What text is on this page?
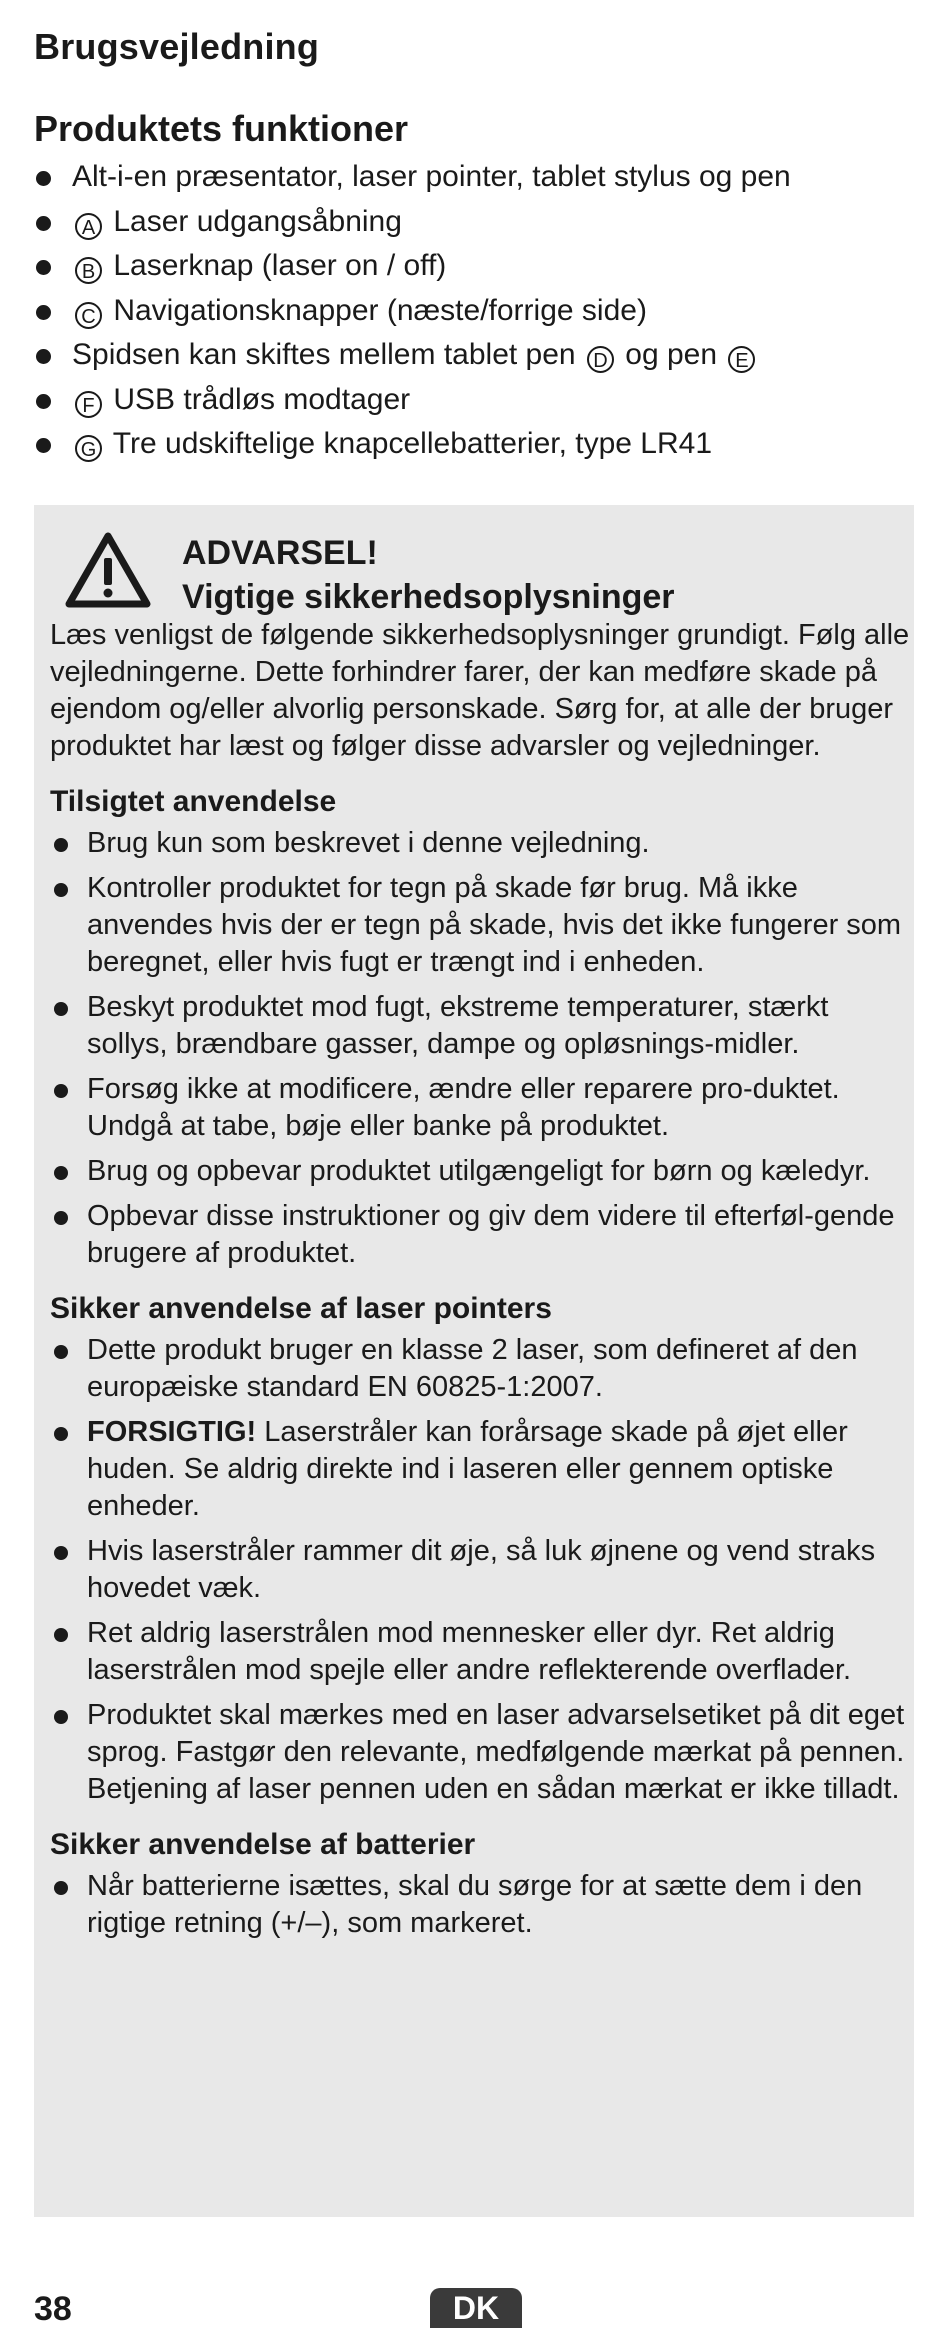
Brugsvejledning
Produktets funktioner
Alt-i-en præsentator, laser pointer, tablet stylus og pen
A Laser udgangsåbning
B Laserknap (laser on / off)
C Navigationsknapper (næste/forrige side)
Spidsen kan skiftes mellem tablet pen D og pen E
F USB trådløs modtager
G Tre udskiftelige knapcellebatterier, type LR41
ADVARSEL!
Vigtige sikkerhedsoplysninger

Læs venligst de følgende sikkerhedsoplysninger grundigt. Følg alle vejledningerne. Dette forhindrer farer, der kan medføre skade på ejendom og/eller alvorlig personskade. Sørg for, at alle der bruger produktet har læst og følger disse advarsler og vejledninger.

Tilsigtet anvendelse
Brug kun som beskrevet i denne vejledning.
Kontroller produktet for tegn på skade før brug. Må ikke anvendes hvis der er tegn på skade, hvis det ikke fungerer som beregnet, eller hvis fugt er trængt ind i enheden.
Beskyt produktet mod fugt, ekstreme temperaturer, stærkt sollys, brændbare gasser, dampe og opløsnings-midler.
Forsøg ikke at modificere, ændre eller reparere pro-duktet. Undgå at tabe, bøje eller banke på produktet.
Brug og opbevar produktet utilgængeligt for børn og kæledyr.
Opbevar disse instruktioner og giv dem videre til efterføl-gende brugere af produktet.
Sikker anvendelse af laser pointers
Dette produkt bruger en klasse 2 laser, som defineret af den europæiske standard EN 60825-1:2007.
FORSIGTIG! Laserstråler kan forårsage skade på øjet eller huden. Se aldrig direkte ind i laseren eller gennem optiske enheder.
Hvis laserstråler rammer dit øje, så luk øjnene og vend straks hovedet væk.
Ret aldrig laserstrålen mod mennesker eller dyr. Ret aldrig laserstrålen mod spejle eller andre reflekterende overflader.
Produktet skal mærkes med en laser advarselsetiket på dit eget sprog. Fastgør den relevante, medfølgende mærkat på pennen. Betjening af laser pennen uden en sådan mærkat er ikke tilladt.
Sikker anvendelse af batterier
Når batterierne isættes, skal du sørge for at sætte dem i den rigtige retning (+/–), som markeret.
38	DK
